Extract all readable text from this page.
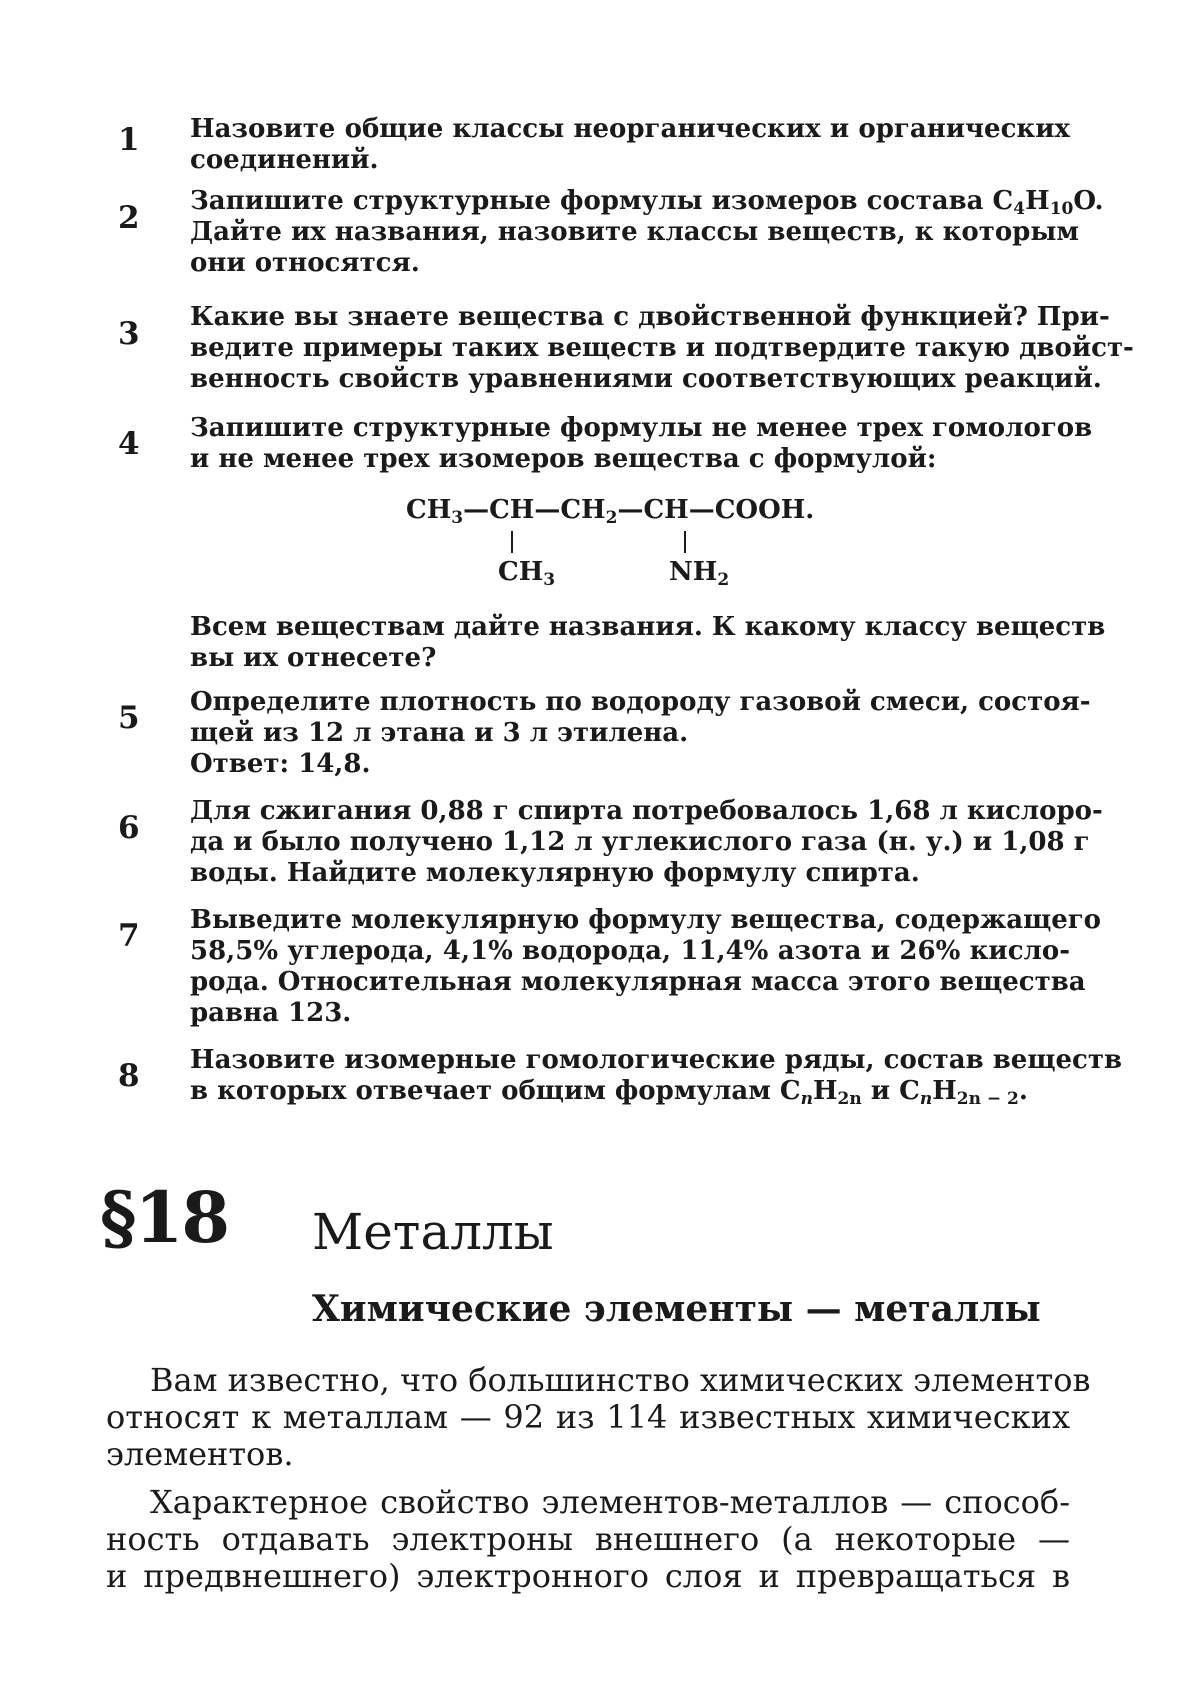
1 Назовите общие классы неорганических и органических
соединений.
2 Запишите структурные формулы изомеров состава $C_4H_{10}O$.
Дайте их названия, назовите классы веществ, к которым
они относятся.
3 Какие вы знаете вещества с двойственной функцией? При-
ведите примеры таких веществ и подтвердите такую двойст-
венность свойств уравнениями соответствующих реакций.
4 Запишите структурные формулы не менее трех гомологов
и не менее трех изомеров вещества с формулой:
Всем веществам дайте названия. К какому классу веществ
вы их отнесете?
$CH_3—CH—CH_2—CH—COOH$.
$CH_3$	$NH_2$
5 Определите плотность по водороду газовой смеси, состоя-
щей из 12 л этана и 3 л этилена.
Ответ: 14,8.
6 Для сжигания 0,88 г спирта потребовалось 1,68 л кислоро-
да и было получено 1,12 л углекислого газа (н. у.) и 1,08 г
воды. Найдите молекулярную формулу спирта.
7 Выведите молекулярную формулу вещества, содержащего
58,5% углерода, 4,1% водорода, 11,4% азота и 26% кисло-
рода. Относительная молекулярная масса этого вещества
равна 123.
8 Назовите изомерные гомологические ряды, состав веществ
в которых отвечает общим формулам $C_nH_{2n}$ и $C_nH_{2n - 2}$.
§18 Металлы
Химические элементы — металлы
Вам известно, что большинство химических элементов
относят к металлам — 92 из 114 известных химических
элементов.
Характерное свойство элементов-металлов — способ-
ность отдавать электроны внешнего (а некоторые —
и предвнешнего) электронного слоя и превращаться в
